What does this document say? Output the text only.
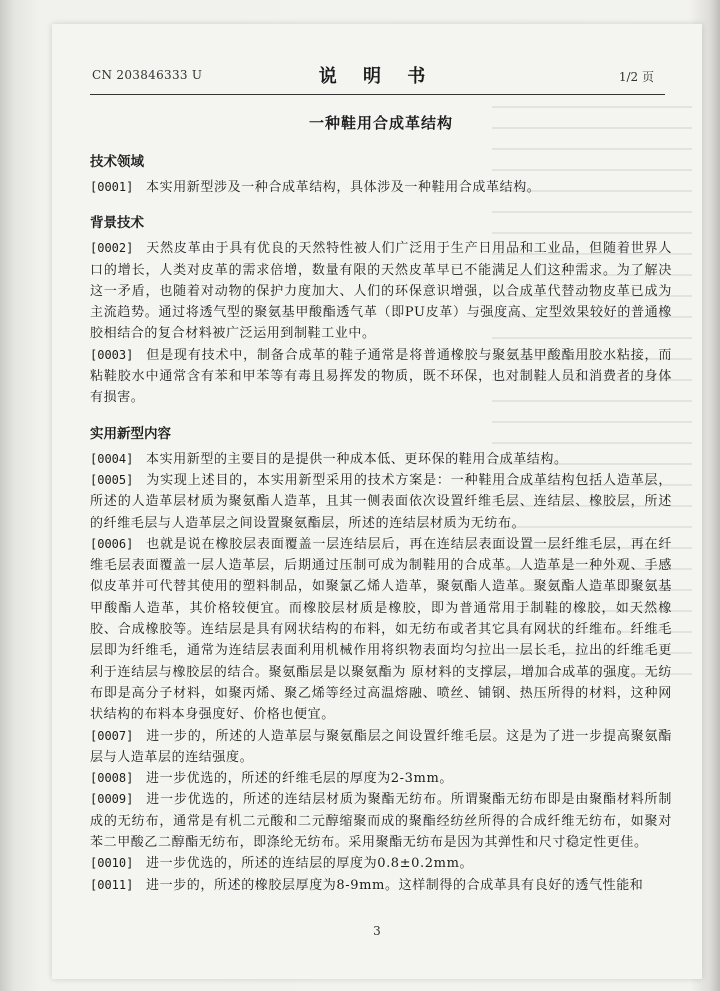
CN 203846333 U	说 明 书	1/2 页
一种鞋用合成革结构
技术领域

[0001] 本实用新型涉及一种合成革结构，具体涉及一种鞋用合成革结构。

背景技术

[0002] 天然皮革由于具有优良的天然特性被人们广泛用于生产日用品和工业品，但随着世界人口的增长，人类对皮革的需求倍增，数量有限的天然皮革早已不能满足人们这种需求。为了解决这一矛盾，也随着对动物的保护力度加大、人们的环保意识增强，以合成革代替动物皮革已成为主流趋势。通过将透气型的聚氨基甲酸酯透气革（即PU皮革）与强度高、定型效果较好的普通橡胶相结合的复合材料被广泛运用到制鞋工业中。

[0003] 但是现有技术中，制备合成革的鞋子通常是将普通橡胶与聚氨基甲酸酯用胶水粘接，而粘鞋胶水中通常含有苯和甲苯等有毒且易挥发的物质，既不环保，也对制鞋人员和消费者的身体有损害。

实用新型内容

[0004] 本实用新型的主要目的是提供一种成本低、更环保的鞋用合成革结构。

[0005] 为实现上述目的，本实用新型采用的技术方案是：一种鞋用合成革结构包括人造革层，所述的人造革层材质为聚氨酯人造革，且其一侧表面依次设置纤维毛层、连结层、橡胶层，所述的纤维毛层与人造革层之间设置聚氨酯层，所述的连结层材质为无纺布。

[0006] 也就是说在橡胶层表面覆盖一层连结层后，再在连结层表面设置一层纤维毛层，再在纤维毛层表面覆盖一层人造革层，后期通过压制可成为制鞋用的合成革。人造革是一种外观、手感似皮革并可代替其使用的塑料制品，如聚氯乙烯人造革，聚氨酯人造革。聚氨酯人造革即聚氨基甲酸酯人造革，其价格较便宜。而橡胶层材质是橡胶，即为普通常用于制鞋的橡胶，如天然橡胶、合成橡胶等。连结层是具有网状结构的布料，如无纺布或者其它具有网状的纤维布。纤维毛层即为纤维毛，通常为连结层表面利用机械作用将织物表面均匀拉出一层长毛，拉出的纤维毛更利于连结层与橡胶层的结合。聚氨酯层是以聚氨酯为 原材料的支撑层，增加合成革的强度。无纺布即是高分子材料，如聚丙烯、聚乙烯等经过高温熔融、喷丝、铺钢、热压所得的材料，这种网状结构的布料本身强度好、价格也便宜。

[0007] 进一步的，所述的人造革层与聚氨酯层之间设置纤维毛层。这是为了进一步提高聚氨酯层与人造革层的连结强度。

[0008] 进一步优选的，所述的纤维毛层的厚度为2-3mm。

[0009] 进一步优选的，所述的连结层材质为聚酯无纺布。所谓聚酯无纺布即是由聚酯材料所制成的无纺布，通常是有机二元酸和二元醇缩聚而成的聚酯经纺丝所得的合成纤维无纺布，如聚对苯二甲酸乙二醇酯无纺布，即涤纶无纺布。采用聚酯无纺布是因为其弹性和尺寸稳定性更佳。

[0010] 进一步优选的，所述的连结层的厚度为0.8±0.2mm。

[0011] 进一步的，所述的橡胶层厚度为8-9mm。这样制得的合成革具有良好的透气性能和

3
